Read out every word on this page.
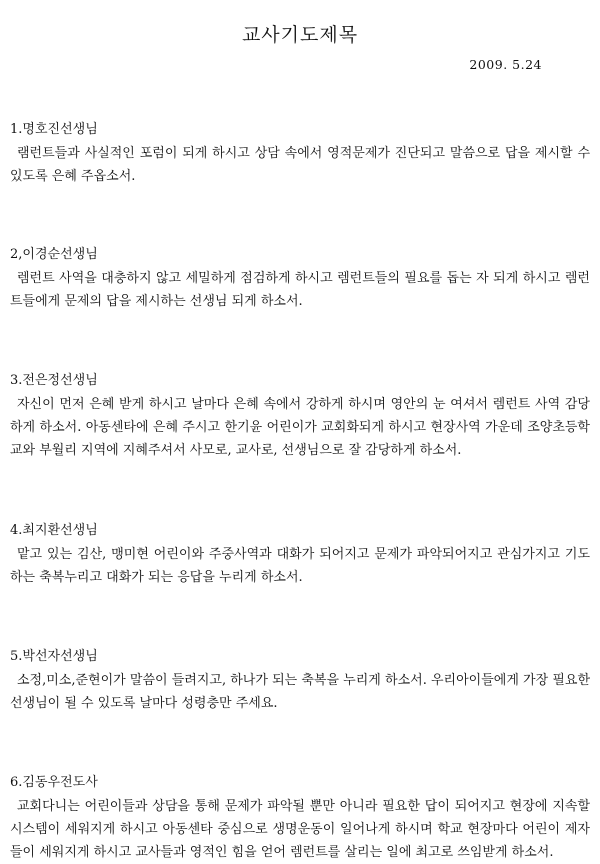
교사기도제목
2009. 5.24
1.명호진선생님
램런트들과 사실적인 포럼이 되게 하시고 상담 속에서 영적문제가 진단되고 말씀으로 답을 제시할 수 있도록 은혜 주옵소서.
2,이경순선생님
렘런트 사역을 대충하지 않고 세밀하게 점검하게 하시고 렘런트들의 필요를 돕는 자 되게 하시고 렘런트들에게 문제의 답을 제시하는 선생님 되게 하소서.
3.전은정선생님
자신이 먼저 은혜 받게 하시고 날마다 은혜 속에서 강하게 하시며 영안의 눈 여셔서 렘런트 사역 감당하게 하소서. 아동센타에 은혜 주시고 한기윤 어린이가 교회화되게 하시고 현장사역 가운데 조양초등학교와 부월리 지역에 지혜주셔서 사모로, 교사로, 선생님으로 잘 감당하게 하소서.
4.최지환선생님
맡고 있는 김산, 맹미현 어린이와 주중사역과 대화가 되어지고 문제가 파악되어지고 관심가지고 기도하는 축복누리고 대화가 되는 응답을 누리게 하소서.
5.박선자선생님
소정,미소,준현이가 말씀이 들려지고, 하나가 되는 축복을 누리게 하소서. 우리아이들에게 가장 필요한 선생님이 될 수 있도록 날마다 성령충만 주세요.
6.김동우전도사
교회다니는 어린이들과 상담을 통해 문제가 파악될 뿐만 아니라 필요한 답이 되어지고 현장에 지속할 시스템이 세워지게 하시고 아동센타 중심으로 생명운동이 일어나게 하시며 학교 현장마다 어린이 제자들이 세워지게 하시고 교사들과 영적인 힘을 얻어 렘런트를 살리는 일에 최고로 쓰임받게 하소서.
